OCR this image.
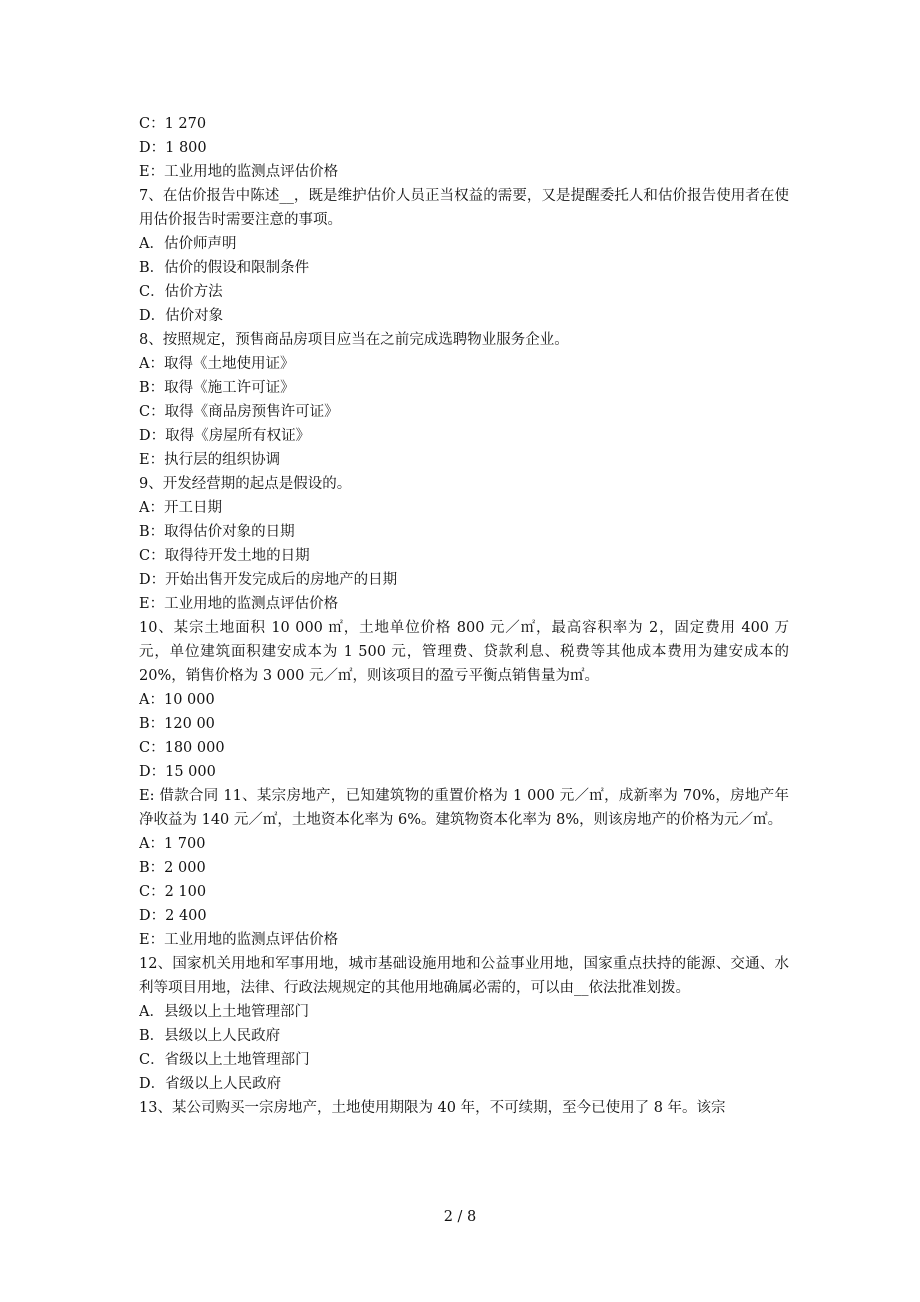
C：1 270
D：1 800
E：工业用地的监测点评估价格
7、在估价报告中陈述__，既是维护估价人员正当权益的需要，又是提醒委托人和估价报告使用者在使用估价报告时需要注意的事项。
A．估价师声明
B．估价的假设和限制条件
C．估价方法
D．估价对象
8、按照规定，预售商品房项目应当在之前完成选聘物业服务企业。
A：取得《土地使用证》
B：取得《施工许可证》
C：取得《商品房预售许可证》
D：取得《房屋所有权证》
E：执行层的组织协调
9、开发经营期的起点是假设的。
A：开工日期
B：取得估价对象的日期
C：取得待开发土地的日期
D：开始出售开发完成后的房地产的日期
E：工业用地的监测点评估价格
10、某宗土地面积 10 000 ㎡，土地单位价格 800 元／㎡，最高容积率为 2，固定费用 400 万　元，单位建筑面积建安成本为 1 500 元，管理费、贷款利息、税费等其他成本费用为建安成本的 20%，销售价格为 3 000 元／㎡，则该项目的盈亏平衡点销售量为㎡。
A：10 000
B：120 00
C：180 000
D：15 000
E: 借款合同 11、某宗房地产，已知建筑物的重置价格为 1 000 元／㎡，成新率为 70%，房地产年净收益为 140 元／㎡，土地资本化率为 6%。建筑物资本化率为 8%，则该房地产的价格为元／㎡。
A：1 700
B：2 000
C：2 100
D：2 400
E：工业用地的监测点评估价格
12、国家机关用地和军事用地，城市基础设施用地和公益事业用地，国家重点扶持的能源、交通、水利等项目用地，法律、行政法规规定的其他用地确属必需的，可以由__依法批准划拨。
A．县级以上土地管理部门
B．县级以上人民政府
C．省级以上土地管理部门
D．省级以上人民政府
13、某公司购买一宗房地产，土地使用期限为 40 年，不可续期，至今已使用了 8 年。该宗
2 / 8
